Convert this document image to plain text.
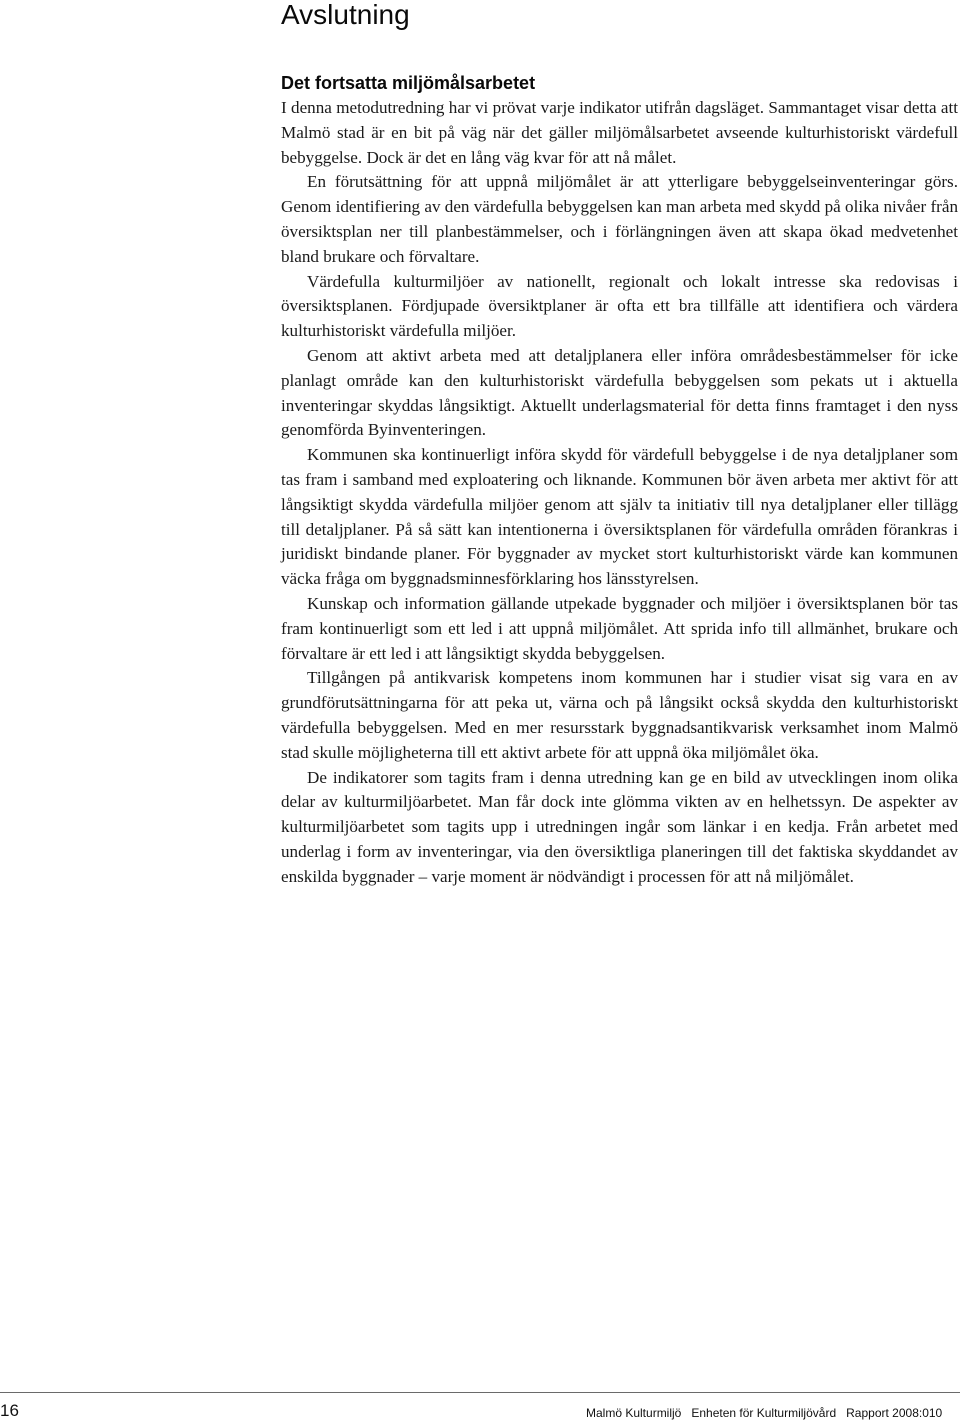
Avslutning
Det fortsatta miljömålsarbetet

I denna metodutredning har vi prövat varje indikator utifrån dagsläget. Sammantaget visar detta att Malmö stad är en bit på väg när det gäller miljömålsarbetet avseende kulturhistoriskt värdefull bebyggelse. Dock är det en lång väg kvar för att nå målet.

En förutsättning för att uppnå miljömålet är att ytterligare bebyggelseinventeringar görs. Genom identifiering av den värdefulla bebyggelsen kan man arbeta med skydd på olika nivåer från översiktsplan ner till planbestämmelser, och i förlängningen även att skapa ökad medvetenhet bland brukare och förvaltare.

Värdefulla kulturmiljöer av nationellt, regionalt och lokalt intresse ska redovisas i översiktsplanen. Fördjupade översiktplaner är ofta ett bra tillfälle att identifiera och värdera kulturhistoriskt värdefulla miljöer.

Genom att aktivt arbeta med att detaljplanera eller införa områdesbestämmelser för icke planlagt område kan den kulturhistoriskt värdefulla bebyggelsen som pekats ut i aktuella inventeringar skyddas långsiktigt. Aktuellt underlagsmaterial för detta finns framtaget i den nyss genomförda Byinventeringen.

Kommunen ska kontinuerligt införa skydd för värdefull bebyggelse i de nya detaljplaner som tas fram i samband med exploatering och liknande. Kommunen bör även arbeta mer aktivt för att långsiktigt skydda värdefulla miljöer genom att själv ta initiativ till nya detaljplaner eller tillägg till detaljplaner. På så sätt kan intentionerna i översiktsplanen för värdefulla områden förankras i juridiskt bindande planer. För byggnader av mycket stort kulturhistoriskt värde kan kommunen väcka fråga om byggnadsminnesförklaring hos länsstyrelsen.

Kunskap och information gällande utpekade byggnader och miljöer i översiktsplanen bör tas fram kontinuerligt som ett led i att uppnå miljömålet. Att sprida info till allmänhet, brukare och förvaltare är ett led i att långsiktigt skydda bebyggelsen.

Tillgången på antikvarisk kompetens inom kommunen har i studier visat sig vara en av grundförutsättningarna för att peka ut, värna och på långsikt också skydda den kulturhistoriskt värdefulla bebyggelsen. Med en mer resursstark byggnadsantikvarisk verksamhet inom Malmö stad skulle möjligheterna till ett aktivt arbete för att uppnå öka miljömålet öka.

De indikatorer som tagits fram i denna utredning kan ge en bild av utvecklingen inom olika delar av kulturmiljöarbetet. Man får dock inte glömma vikten av en helhetssyn. De aspekter av kulturmiljöarbetet som tagits upp i utredningen ingår som länkar i en kedja. Från arbetet med underlag i form av inventeringar, via den översiktliga planeringen till det faktiska skyddandet av enskilda byggnader – varje moment är nödvändigt i processen för att nå miljömålet.

16	Malmö Kulturmiljö Enheten för Kulturmiljövård Rapport 2008:010
